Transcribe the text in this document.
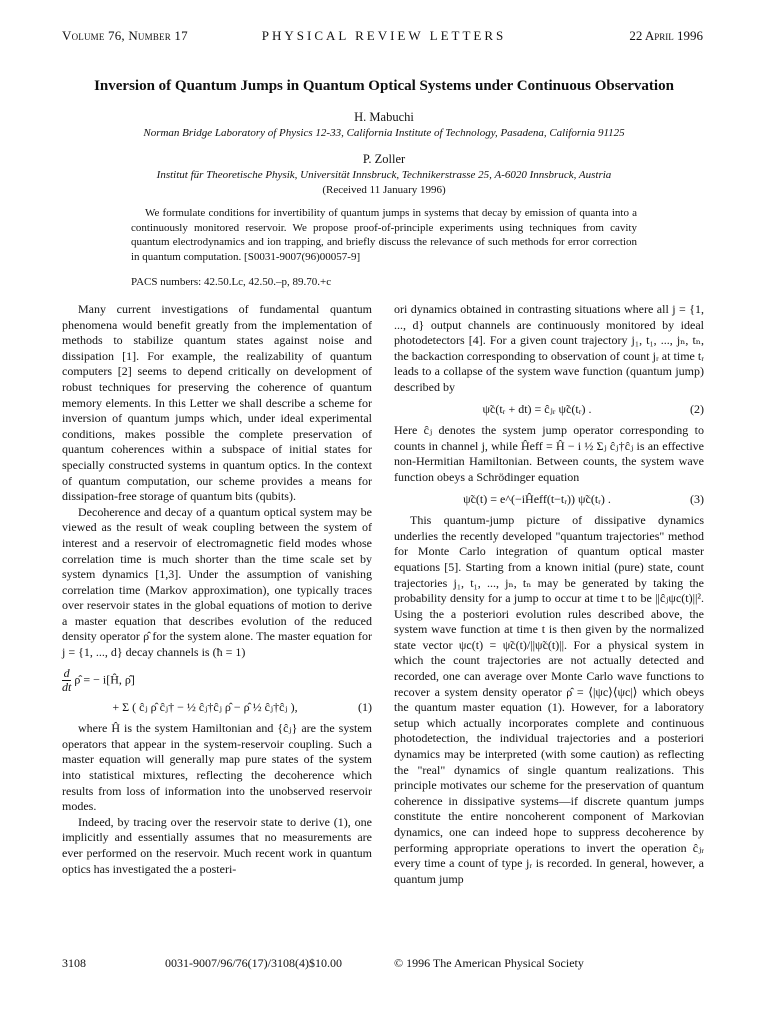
Volume 76, Number 17	PHYSICAL REVIEW LETTERS	22 April 1996
Inversion of Quantum Jumps in Quantum Optical Systems under Continuous Observation
H. Mabuchi
Norman Bridge Laboratory of Physics 12-33, California Institute of Technology, Pasadena, California 91125
P. Zoller
Institut für Theoretische Physik, Universität Innsbruck, Technikerstrasse 25, A-6020 Innsbruck, Austria
(Received 11 January 1996)
We formulate conditions for invertibility of quantum jumps in systems that decay by emission of quanta into a continuously monitored reservoir. We propose proof-of-principle experiments using techniques from cavity quantum electrodynamics and ion trapping, and briefly discuss the relevance of such methods for error correction in quantum computation. [S0031-9007(96)00057-9]
PACS numbers: 42.50.Lc, 42.50.–p, 89.70.+c

Many current investigations of fundamental quantum phenomena would benefit greatly from the implementation of methods to stabilize quantum states against noise and dissipation [1]. For example, the realizability of quantum computers [2] seems to depend critically on development of robust techniques for preserving the coherence of quantum memory elements. In this Letter we shall describe a scheme for inversion of quantum jumps which, under ideal experimental conditions, makes possible the complete preservation of quantum coherences within a subspace of initial states for specially constructed systems in quantum optics. In the context of quantum computation, our scheme provides a means for dissipation-free storage of quantum bits (qubits).

Decoherence and decay of a quantum optical system may be viewed as the result of weak coupling between the system of interest and a reservoir of electromagnetic field modes whose correlation time is much shorter than the time scale set by system dynamics [1,3]. Under the assumption of vanishing correlation time (Markov approximation), one typically traces over reservoir states in the global equations of motion to derive a master equation that describes evolution of the reduced density operator ρ̂ for the system alone. The master equation for j = {1, ..., d} decay channels is (ħ = 1)

$\frac{d}{dt}$ ρ̂ = − i[Ĥ, ρ̂]
+ Σ ( ĉⱼ ρ̂ ĉⱼ† − ½ ĉⱼ†ĉⱼ ρ̂ − ρ̂ ½ ĉⱼ†ĉⱼ ),	(1)

where Ĥ is the system Hamiltonian and {ĉⱼ} are the system operators that appear in the system-reservoir coupling. Such a master equation will generally map pure states of the system into statistical mixtures, reflecting the decoherence which results from loss of information into the unobserved reservoir modes.

Indeed, by tracing over the reservoir state to derive (1), one implicitly and essentially assumes that no measurements are ever performed on the reservoir. Much recent work in quantum optics has investigated the a posteri-

ori dynamics obtained in contrasting situations where all j = {1, ..., d} output channels are continuously monitored by ideal photodetectors [4]. For a given count trajectory j₁, t₁, ..., jₙ, tₙ, the backaction corresponding to observation of count jᵣ at time tᵣ leads to a collapse of the system wave function (quantum jump) described by

ψ̃c(tᵣ + dt) = ĉⱼᵣ ψ̃c(tᵣ) .	(2)

Here ĉⱼ denotes the system jump operator corresponding to counts in channel j, while Ĥeff = Ĥ − i ½ Σⱼ ĉⱼ†ĉⱼ is an effective non-Hermitian Hamiltonian. Between counts, the system wave function obeys a Schrödinger equation

ψ̃c(t) = e^(−iĤeff(t−tᵣ)) ψ̃c(tᵣ) .	(3)

This quantum-jump picture of dissipative dynamics underlies the recently developed "quantum trajectories" method for Monte Carlo integration of quantum optical master equations [5]. Starting from a known initial (pure) state, count trajectories j₁, t₁, ..., jₙ, tₙ may be generated by taking the probability density for a jump to occur at time t to be ||ĉⱼψc(t)||². Using the a posteriori evolution rules described above, the system wave function at time t is then given by the normalized state vector ψc(t) = ψ̃c(t)/||ψ̃c(t)||. For a physical system in which the count trajectories are not actually detected and recorded, one can average over Monte Carlo wave functions to recover a system density operator ρ̂ = ⟨|ψc⟩⟨ψc|⟩ which obeys the quantum master equation (1). However, for a laboratory setup which actually incorporates complete and continuous photodetection, the individual trajectories and a posteriori dynamics may be interpreted (with some caution) as reflecting the "real" dynamics of single quantum realizations. This principle motivates our scheme for the preservation of quantum coherence in dissipative systems—if discrete quantum jumps constitute the entire noncoherent component of Markovian dynamics, one can indeed hope to suppress decoherence by performing appropriate operations to invert the operation ĉⱼᵣ every time a count of type jᵣ is recorded. In general, however, a quantum jump

3108	0031-9007/96/76(17)/3108(4)$10.00	© 1996 The American Physical Society
